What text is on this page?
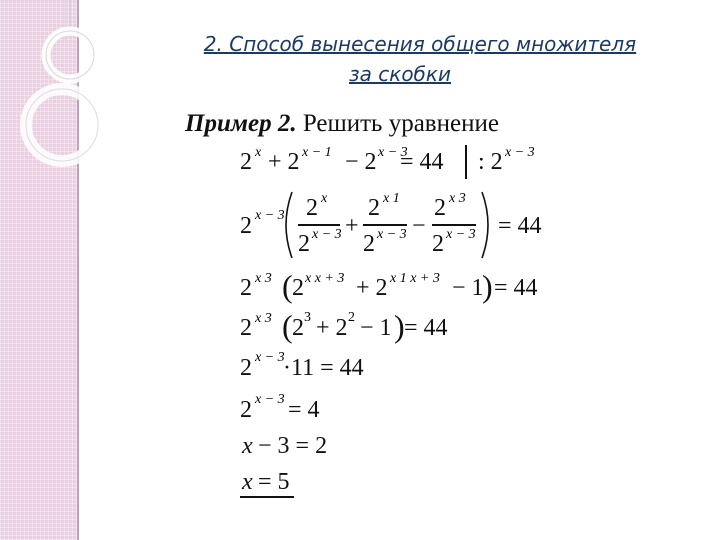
2. Способ вынесения общего множителя
за скобки
Пример 2. Решить уравнение
2 x + 2 x − 1 − 2 x − 3
= 44 : 2 x − 3
2 x − 3 2 x
2 x − 3 +
2 x 1
2 x − 3 −
2 x 3
2 x − 3 = 44
2 x 3 ( 2 x x + 3 + 2 x 1 x + 3 − 1
) = 44
2 x 3 ( 2 3 + 2 2 − 1 ) = 44
2 x − 3
·11 = 44
2 x − 3 = 4
x − 3 = 2
x = 5
